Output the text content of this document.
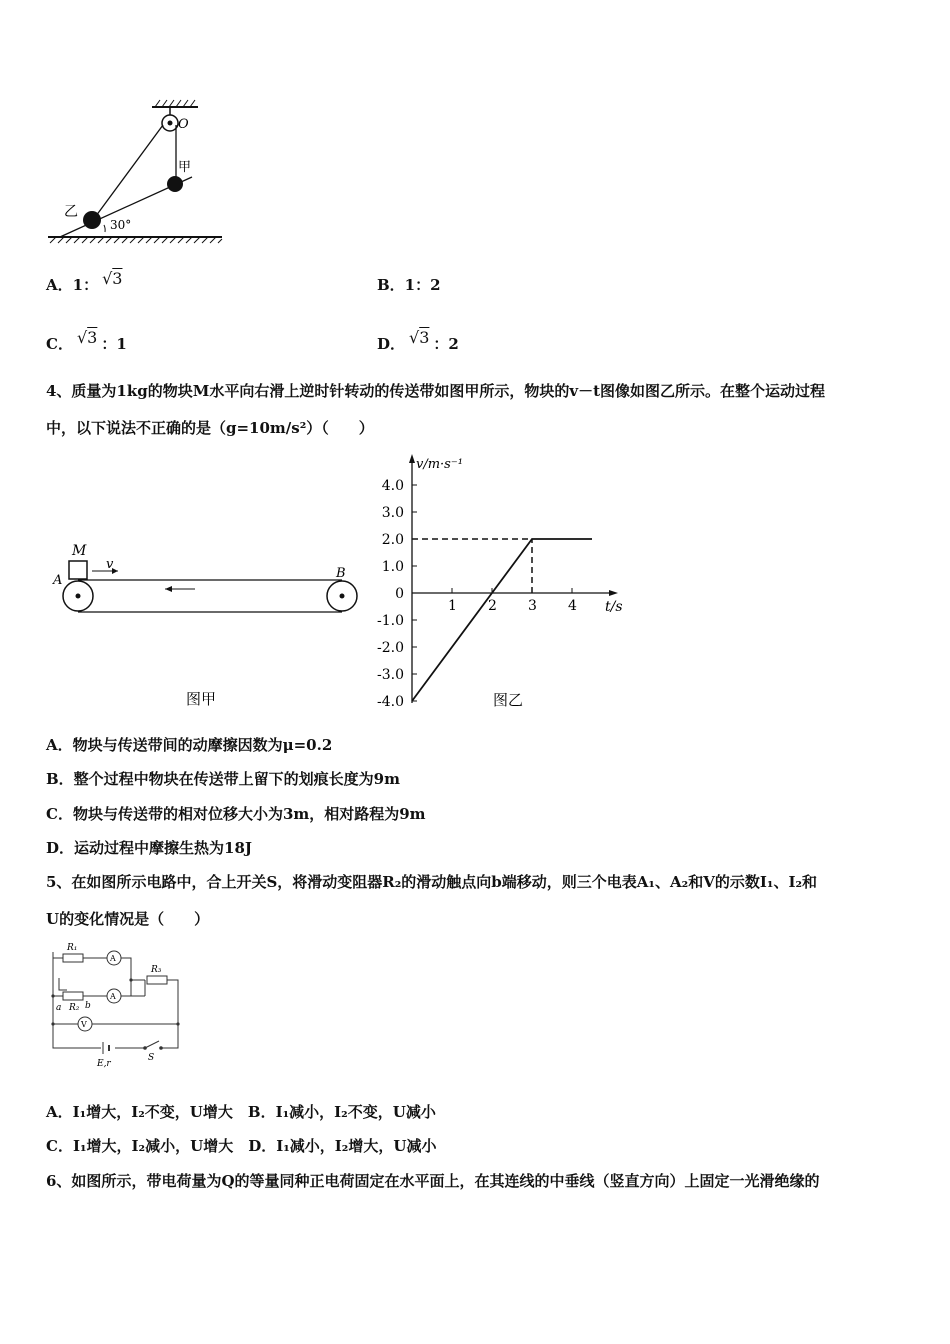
O
甲
乙
30°
A．1： √3	B．1：2
C． √3 ：1	D． √3 ：2
4、质量为1kg的物块M水平向右滑上逆时针转动的传送带如图甲所示，物块的v－t图像如图乙所示。在整个运动过程
中，以下说法不正确的是（g=10m/s²）（　　）
M
v
A	B
图甲
4.0
3.0
2.0
1.0
0
-1.0
-2.0
-3.0
-4.0
1 2 3 4
v/m·s⁻¹
t/s
图乙
A．物块与传送带间的动摩擦因数为μ=0.2
B．整个过程中物块在传送带上留下的划痕长度为9m
C．物块与传送带的相对位移大小为3m，相对路程为9m
D．运动过程中摩擦生热为18J
5、在如图所示电路中，合上开关S，将滑动变阻器R₂的滑动触点向b端移动，则三个电表A₁、A₂和V的示数I₁、I₂和
U的变化情况是（　　）
R₁
R₂
R₃
a	b
A
A
V
E,r
S
A．I₁增大，I₂不变，U增大　B．I₁减小，I₂不变，U减小
C．I₁增大，I₂减小，U增大　D．I₁减小，I₂增大，U减小
6、如图所示，带电荷量为Q的等量同种正电荷固定在水平面上，在其连线的中垂线（竖直方向）上固定一光滑绝缘的
